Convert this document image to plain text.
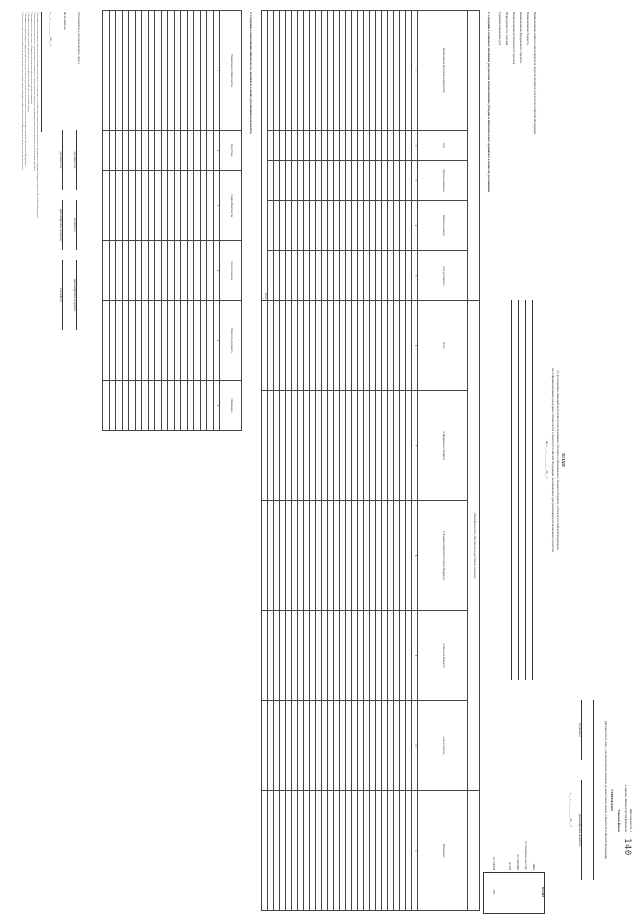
140
Приложение № 1
к приказу Министерства финансов
Типовая форма
УТВЕРЖДАЮ
(Должностное лицо, уполномоченное высшим должностным лицом субъекта Российской Федерации)
(подпись)
(расшифровка подписи)
«___» __________ 20__ г.
ПЛАН
по достижению значений результатов использования субсидии из федерального бюджета бюджету субъекта Российской Федерации
на софинансирование расходных обязательств субъекта Российской Федерации, возникающих при реализации региональных проектов
на «___» __________ 20__ г.
КОДЫ
Дата
по Сводному реестру
по ОКТМО
по БК
по ОКЕИ
383
Наименование главного распорядителя средств бюджета субъекта Российской Федерации
Наименование бюджета
Наименование федерального проекта
Наименование регионального проекта
Периодичность: годовая
Единица измерения: руб.
1. Сведения о плановых значениях результатов использования субсидии и обязательствах, принятых в целях их достижения
					Объем финансового обеспечения на достижение результата					
Наименование мероприятия (результата)	Код	Единица измерения	Плановое значение	Срок достижения	Всего	из федерального бюджета	из бюджета субъекта Российской Федерации	из местных бюджетов	иные источники	Примечание
1	2	3	4	5	6	7	8	9	10	11

Всего										
2. Сведения о выполнении обязательств, принятых в целях достижения результатов
Наименование обязательства	Код строки	Сумма обязательства	Срок исполнения	Реквизиты документа	Примечание
1	2	3	4	5	6

Руководитель (уполномоченное лицо)
(должность)
(подпись)
(расшифровка подписи)
Исполнитель
(должность)
(расшифровка подписи)
(телефон)
«___» __________ 20__ г.
¹ Указывается наименование результата использования субсидии в соответствии с соглашением о предоставлении субсидии из федерального бюджета бюджету субъекта Российской Федерации.
² Заполняется в соответствии с приложением к соглашению о предоставлении субсидии, содержащим значения результатов использования субсидии.
³ Указывается в соответствии с Общероссийским классификатором единиц измерения.
⁴ Указывается плановое значение результата на отчетный финансовый год и плановый период.
⁵ Указывается сумма средств, предусмотренных на достижение результата в соответствии с законом о бюджете субъекта Российской Федерации.
⁶ Заполняется при наличии обязательств, принятых получателями средств бюджета субъекта Российской Федерации в целях достижения результата.
